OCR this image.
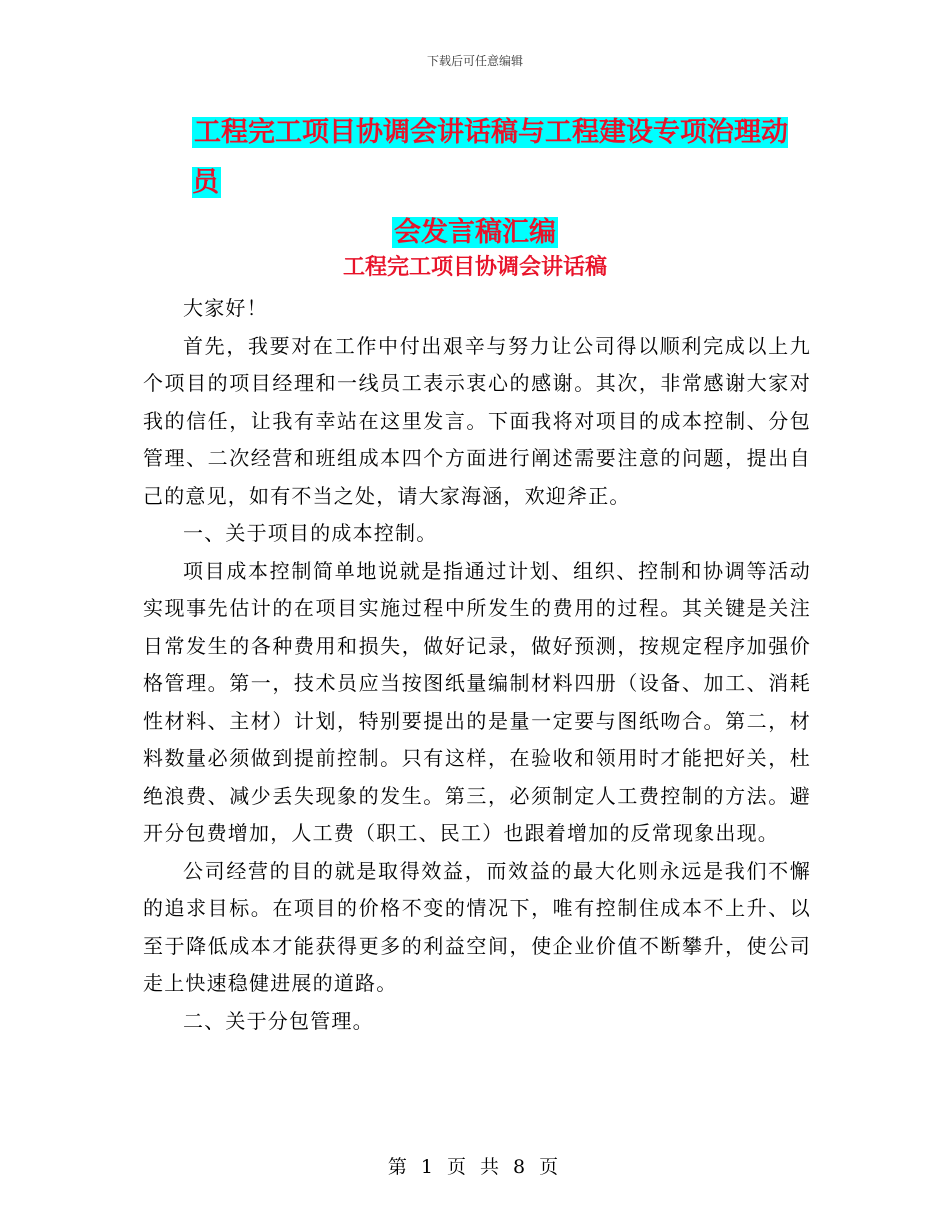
下载后可任意编辑
工程完工项目协调会讲话稿与工程建设专项治理动员
会发言稿汇编
工程完工项目协调会讲话稿

大家好！

首先，我要对在工作中付出艰辛与努力让公司得以顺利完成以上九个项目的项目经理和一线员工表示衷心的感谢。其次，非常感谢大家对我的信任，让我有幸站在这里发言。下面我将对项目的成本控制、分包管理、二次经营和班组成本四个方面进行阐述需要注意的问题，提出自己的意见，如有不当之处，请大家海涵，欢迎斧正。

一、关于项目的成本控制。

项目成本控制简单地说就是指通过计划、组织、控制和协调等活动实现事先估计的在项目实施过程中所发生的费用的过程。其关键是关注日常发生的各种费用和损失，做好记录，做好预测，按规定程序加强价格管理。第一，技术员应当按图纸量编制材料四册（设备、加工、消耗性材料、主材）计划，特别要提出的是量一定要与图纸吻合。第二，材料数量必须做到提前控制。只有这样，在验收和领用时才能把好关，杜绝浪费、减少丢失现象的发生。第三，必须制定人工费控制的方法。避开分包费增加，人工费（职工、民工）也跟着增加的反常现象出现。

公司经营的目的就是取得效益，而效益的最大化则永远是我们不懈的追求目标。在项目的价格不变的情况下，唯有控制住成本不上升、以至于降低成本才能获得更多的利益空间，使企业价值不断攀升，使公司走上快速稳健进展的道路。

二、关于分包管理。

第 1 页 共 8 页
